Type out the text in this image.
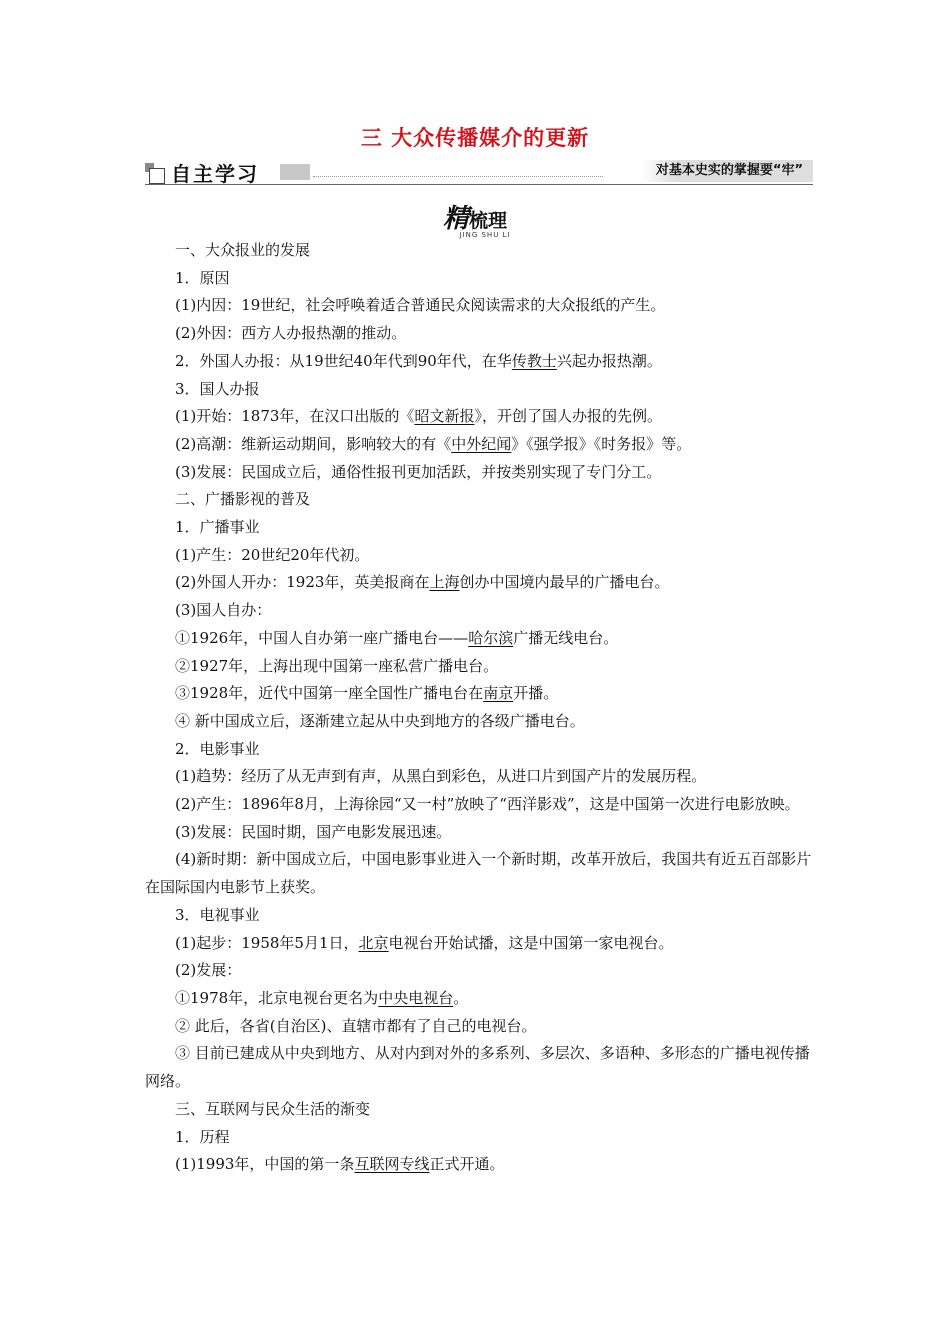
三 大众传播媒介的更新
自主学习	对基本史实的掌握要“牢”
精梳理
JING SHU LI

一、大众报业的发展

1．原因

(1)内因：19世纪，社会呼唤着适合普通民众阅读需求的大众报纸的产生。

(2)外因：西方人办报热潮的推动。

2．外国人办报：从19世纪40年代到90年代，在华传教士兴起办报热潮。

3．国人办报

(1)开始：1873年，在汉口出版的《昭文新报》，开创了国人办报的先例。

(2)高潮：维新运动期间，影响较大的有《中外纪闻》《强学报》《时务报》等。

(3)发展：民国成立后，通俗性报刊更加活跃，并按类别实现了专门分工。

二、广播影视的普及

1．广播事业

(1)产生：20世纪20年代初。

(2)外国人开办：1923年，英美报商在上海创办中国境内最早的广播电台。

(3)国人自办：

①1926年，中国人自办第一座广播电台——哈尔滨广播无线电台。

②1927年，上海出现中国第一座私营广播电台。

③1928年，近代中国第一座全国性广播电台在南京开播。

④ 新中国成立后，逐渐建立起从中央到地方的各级广播电台。

2．电影事业

(1)趋势：经历了从无声到有声，从黑白到彩色，从进口片到国产片的发展历程。

(2)产生：1896年8月，上海徐园“又一村”放映了“西洋影戏”，这是中国第一次进行电影放映。

(3)发展：民国时期，国产电影发展迅速。

(4)新时期：新中国成立后，中国电影事业进入一个新时期，改革开放后，我国共有近五百部影片在国际国内电影节上获奖。

3．电视事业

(1)起步：1958年5月1日，北京电视台开始试播，这是中国第一家电视台。

(2)发展：

①1978年，北京电视台更名为中央电视台。

② 此后，各省(自治区)、直辖市都有了自己的电视台。

③ 目前已建成从中央到地方、从对内到对外的多系列、多层次、多语种、多形态的广播电视传播网络。

三、互联网与民众生活的渐变

1．历程

(1)1993年，中国的第一条互联网专线正式开通。
